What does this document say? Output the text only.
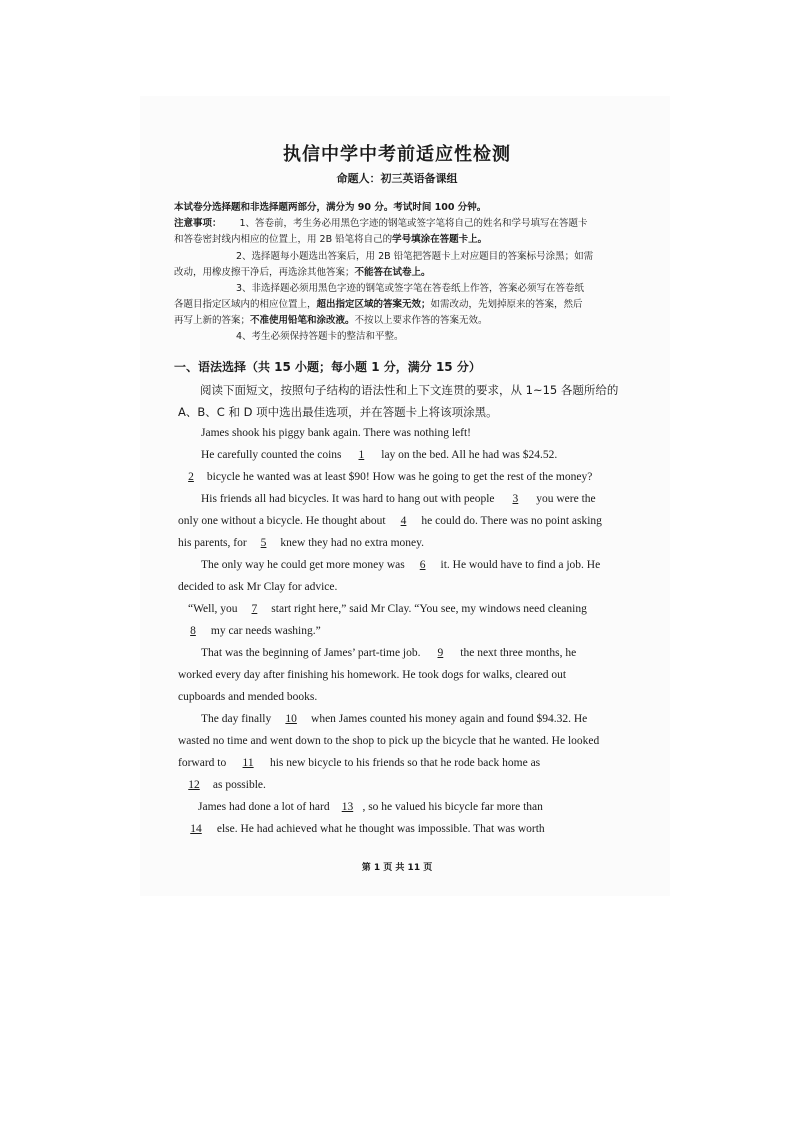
执信中学中考前适应性检测
命题人：初三英语备课组
本试卷分选择题和非选择题两部分，满分为 90 分。考试时间 100 分钟。
注意事项： 1、答卷前，考生务必用黑色字迹的钢笔或签字笔将自己的姓名和学号填写在答题卡
和答卷密封线内相应的位置上，用 2B 铅笔将自己的学号填涂在答题卡上。
2、选择题每小题选出答案后，用 2B 铅笔把答题卡上对应题目的答案标号涂黑；如需
改动，用橡皮擦干净后，再选涂其他答案；不能答在试卷上。
3、非选择题必须用黑色字迹的钢笔或签字笔在答卷纸上作答，答案必须写在答卷纸
各题目指定区域内的相应位置上，超出指定区域的答案无效；如需改动，先划掉原来的答案，然后
再写上新的答案；不准使用铅笔和涂改液。不按以上要求作答的答案无效。
4、考生必须保持答题卡的整洁和平整。
一、语法选择（共 15 小题；每小题 1 分，满分 15 分）
阅读下面短文，按照句子结构的语法性和上下文连贯的要求，从 1~15 各题所给的
A、B、C 和 D 项中选出最佳选项，并在答题卡上将该项涂黑。
James shook his piggy bank again. There was nothing left!
He carefully counted the coins 1 lay on the bed. All he had was $24.52.
2 bicycle he wanted was at least $90! How was he going to get the rest of the money?
His friends all had bicycles. It was hard to hang out with people 3 you were the
only one without a bicycle. He thought about 4 he could do. There was no point asking
his parents, for 5 knew they had no extra money.
The only way he could get more money was 6 it. He would have to find a job. He
decided to ask Mr Clay for advice.
“Well, you 7 start right here,” said Mr Clay. “You see, my windows need cleaning
8 my car needs washing.”
That was the beginning of James’ part-time job. 9 the next three months, he
worked every day after finishing his homework. He took dogs for walks, cleared out
cupboards and mended books.
The day finally 10 when James counted his money again and found $94.32. He
wasted no time and went down to the shop to pick up the bicycle that he wanted. He looked
forward to 11 his new bicycle to his friends so that he rode back home as
12 as possible.
James had done a lot of hard 13 , so he valued his bicycle far more than
14 else. He had achieved what he thought was impossible. That was worth
第 1 页 共 11 页
